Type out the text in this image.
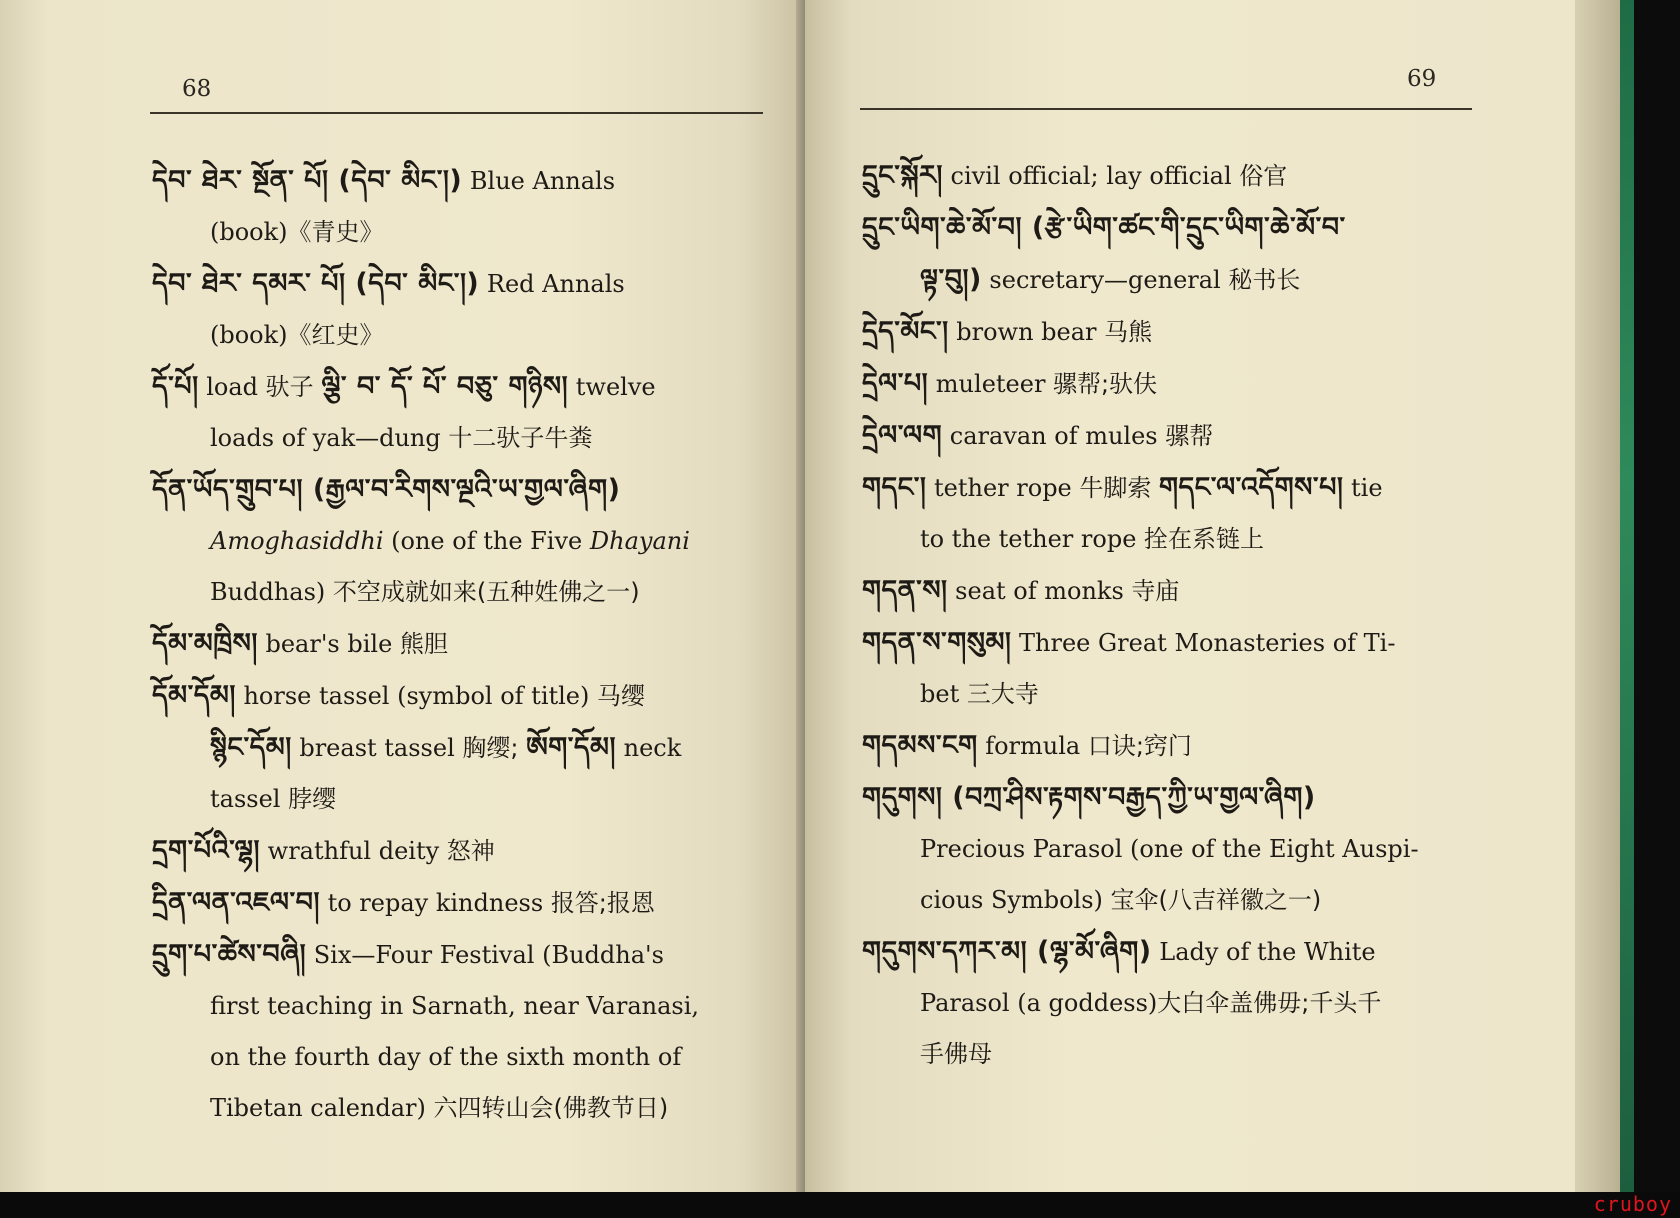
68

དེབ་ ཐེར་ སྔོན་ པོ། (དེབ་ མིང་།) Blue Annals
(book)《青史》

དེབ་ ཐེར་ དམར་ པོ། (དེབ་ མིང་།) Red Annals
(book)《红史》

དོ་པོ། load 驮子 ལྕི་ བ་ དོ་ པོ་ བཅུ་ གཉིས། twelve
loads of yak—dung 十二驮子牛粪

དོན་ཡོད་གྲུབ་པ། (རྒྱལ་བ་རིགས་ལྔའི་ཡ་གྱལ་ཞིག)
Amoghasiddhi (one of the Five Dhayani
Buddhas) 不空成就如来(五种姓佛之一)

དོམ་མཁྲིས། bear's bile 熊胆

དོམ་དོམ། horse tassel (symbol of title) 马缨
སྙིང་དོམ། breast tassel 胸缨; ཨོག་དོམ། neck
tassel 脖缨

དྲག་པོའི་ལྷ། wrathful deity 怒神

དྲིན་ལན་འཇལ་བ། to repay kindness 报答;报恩

དྲུག་པ་ཚེས་བཞི། Six—Four Festival (Buddha's
first teaching in Sarnath, near Varanasi,
on the fourth day of the sixth month of
Tibetan calendar) 六四转山会(佛教节日)

69

དྲུང་སྐོར། civil official; lay official 俗官

དྲུང་ཡིག་ཆེ་མོ་བ། (རྩེ་ཡིག་ཚང་གི་དྲུང་ཡིག་ཆེ་མོ་བ་
ལྟ་བུ།) secretary—general 秘书长

དྲེད་མོང་། brown bear 马熊

དྲེལ་པ། muleteer 骡帮;驮伕

དྲེལ་ལག caravan of mules 骡帮

གདང་། tether rope 牛脚索 གདང་ལ་འདོགས་པ། tie
to the tether rope 拴在系链上

གདན་ས། seat of monks 寺庙

གདན་ས་གསུམ། Three Great Monasteries of Ti-
bet 三大寺

གདམས་ངག formula 口诀;窍门

གདུགས། (བཀྲ་ཤིས་རྟགས་བརྒྱད་ཀྱི་ཡ་གྱལ་ཞིག)
Precious Parasol (one of the Eight Auspi-
cious Symbols) 宝伞(八吉祥徽之一)

གདུགས་དཀར་མ། (ལྷ་མོ་ཞིག) Lady of the White
Parasol (a goddess)大白伞盖佛毋;千头千
手佛母

cruboy
